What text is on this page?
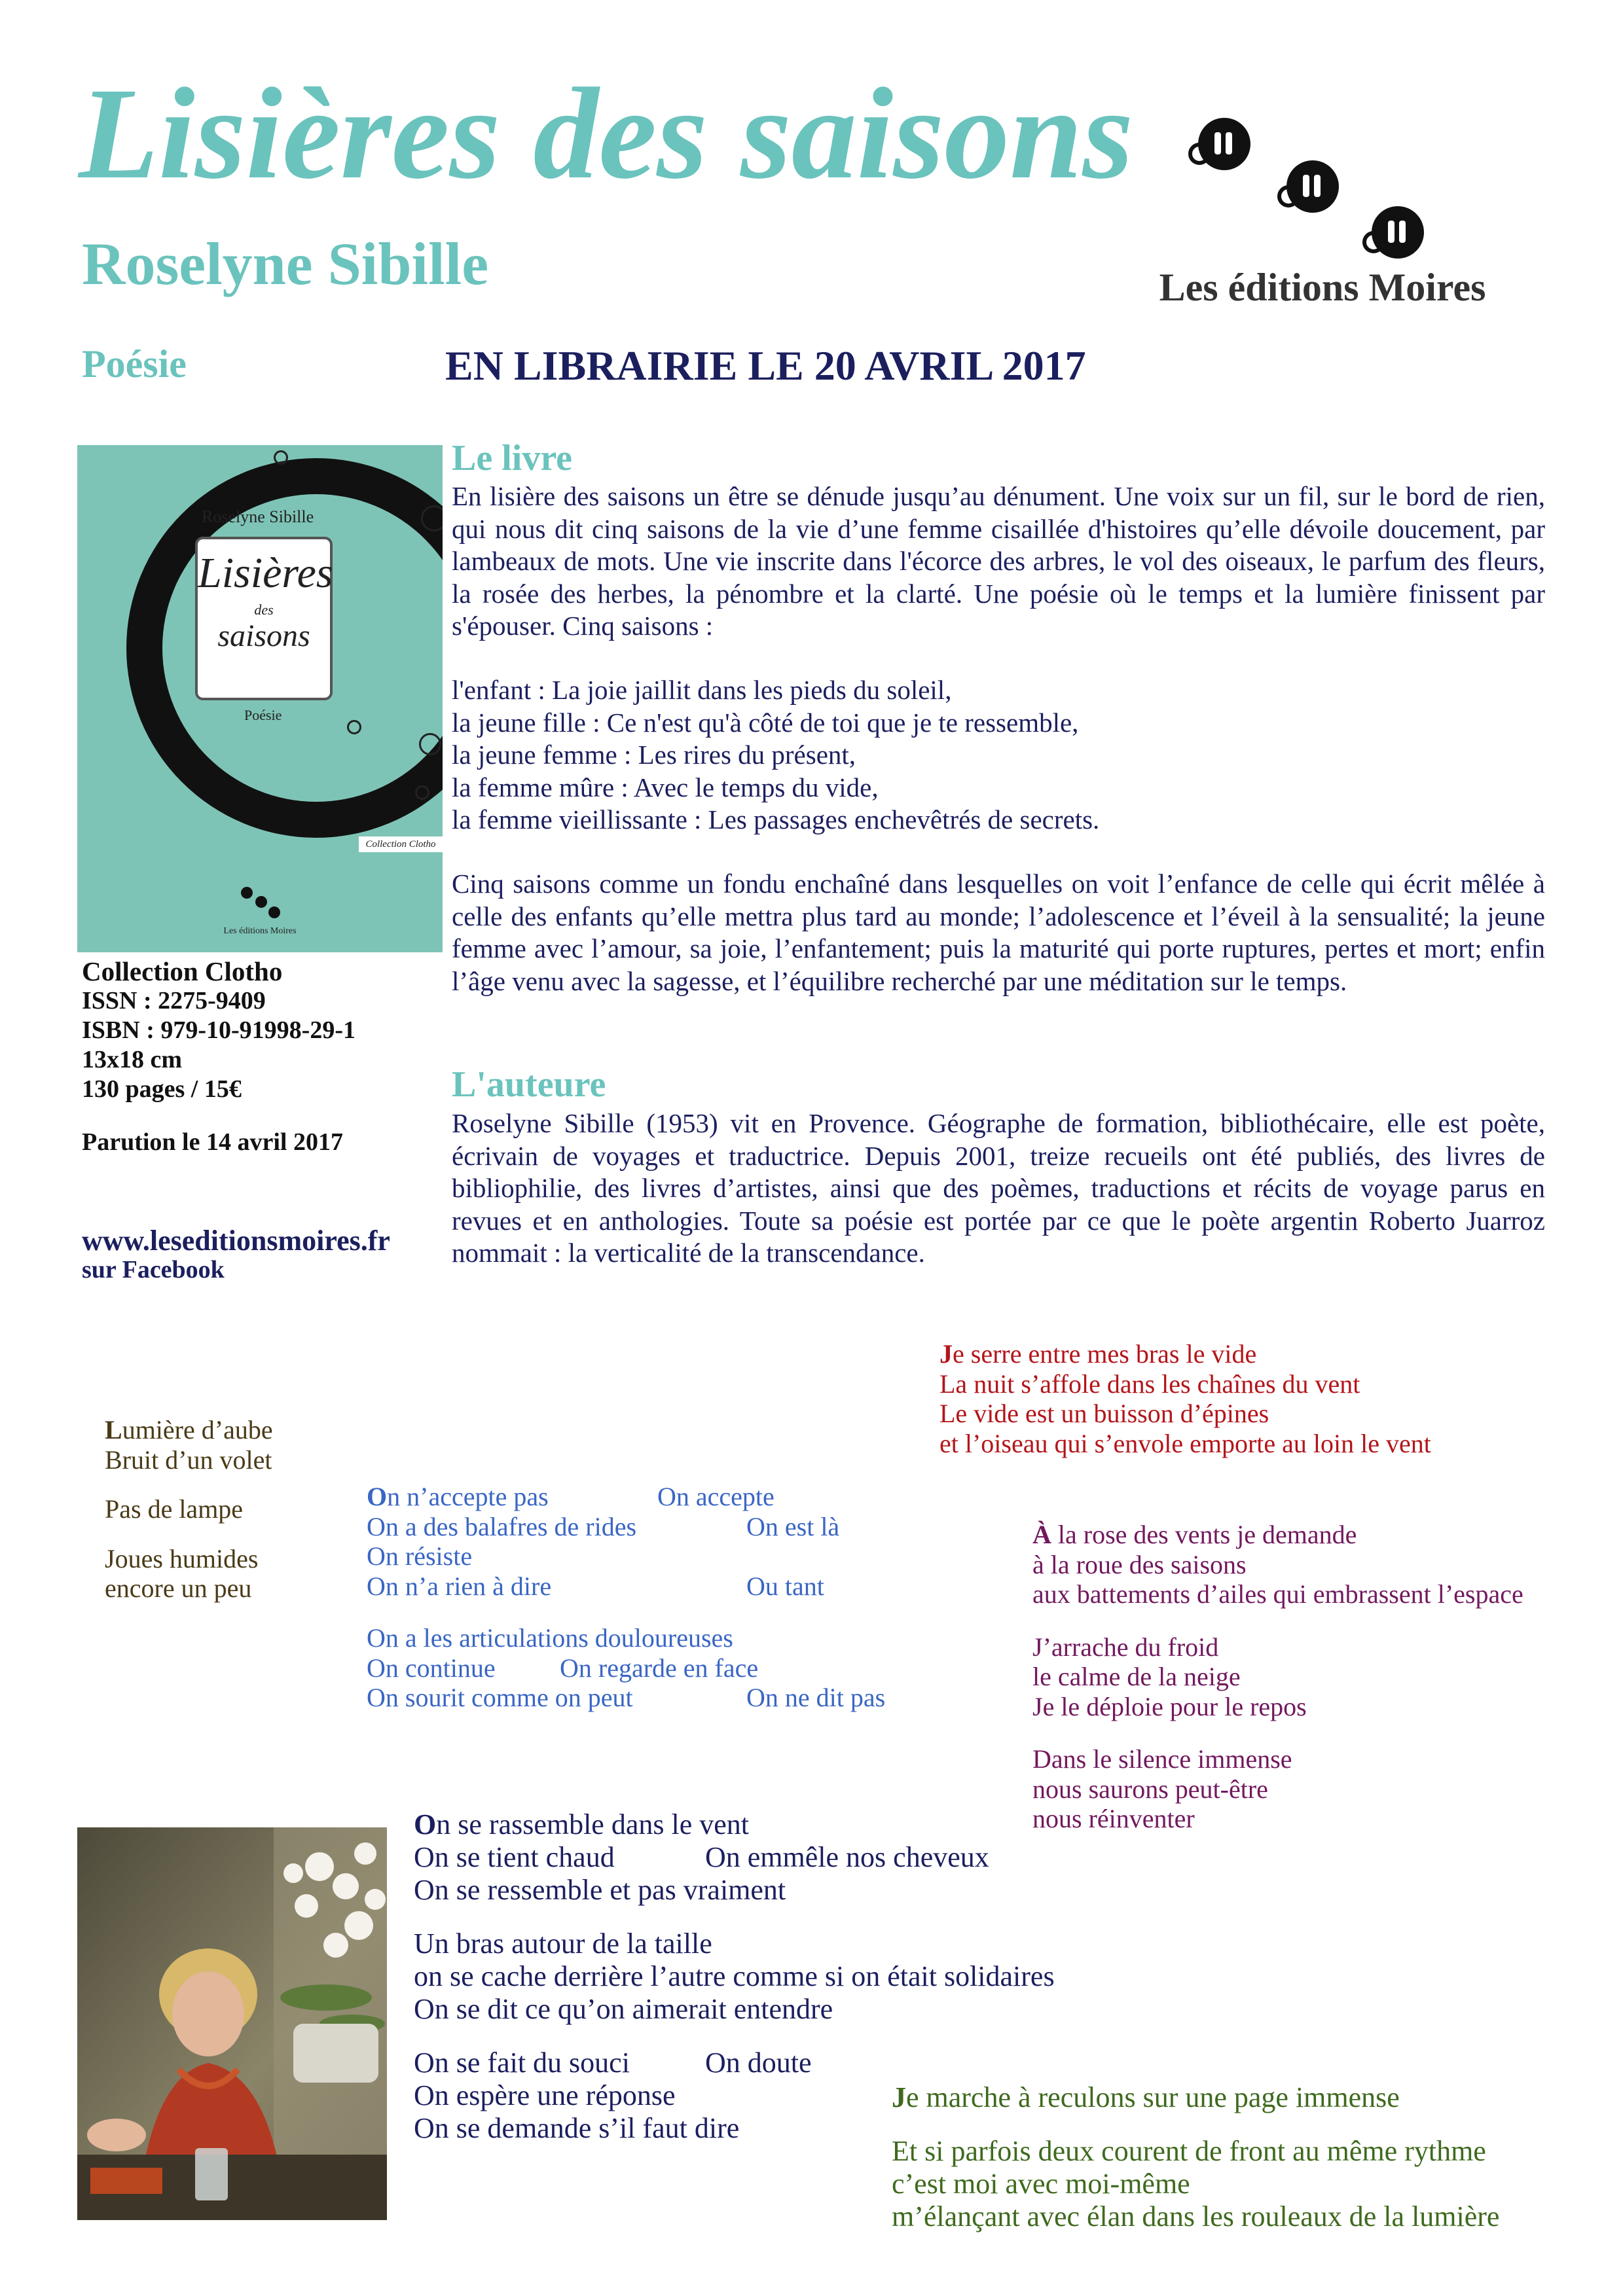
Lisières des saisons
Roselyne Sibille
Poésie	EN LIBRAIRIE LE 20 AVRIL 2017
Les éditions Moires
Roselyne Sibille
Lisières
des
saisons
Poésie
Collection Clotho
Les éditions Moires
Collection Clotho
ISSN : 2275-9409
ISBN : 979-10-91998-29-1
13x18 cm
130 pages / 15€
Parution le 14 avril 2017
www.leseditionsmoires.fr
sur Facebook
Le livre
En lisière des saisons un être se dénude jusqu’au dénument. Une voix sur un fil, sur le bord de rien, qui nous dit cinq saisons de la vie d’une femme cisaillée d'histoires qu’elle dévoile doucement, par lambeaux de mots. Une vie inscrite dans l'écorce des arbres, le vol des oiseaux, le parfum des fleurs, la rosée des herbes, la pénombre et la clarté. Une poésie où le temps et la lumière finissent par s'épouser. Cinq saisons :
l'enfant : La joie jaillit dans les pieds du soleil,
la jeune fille : Ce n'est qu'à côté de toi que je te ressemble,
la jeune femme : Les rires du présent,
la femme mûre : Avec le temps du vide,
la femme vieillissante : Les passages enchevêtrés de secrets.
Cinq saisons comme un fondu enchaîné dans lesquelles on voit l’enfance de celle qui écrit mêlée à celle des enfants qu’elle mettra plus tard au monde; l’adolescence et l’éveil à la sensualité; la jeune femme avec l’amour, sa joie, l’enfantement; puis la maturité qui porte ruptures, pertes et mort; enfin l’âge venu avec la sagesse, et l’équilibre recherché par une méditation sur le temps.
L'auteure
Roselyne Sibille (1953) vit en Provence. Géographe de formation, bibliothécaire, elle est poète, écrivain de voyages et traductrice. Depuis 2001, treize recueils ont été publiés, des livres de bibliophilie, des livres d’artistes, ainsi que des poèmes, traductions et récits de voyage parus en revues et en anthologies. Toute sa poésie est portée par ce que le poète argentin Roberto Juarroz nommait : la verticalité de la transcendance.
Lumière d’aube
Bruit d’un volet
Pas de lampe
Joues humides
encore un peu
On n’accepte pas	On accepte
On a des balafres de rides	On est là
On résiste
On n’a rien à dire	Ou tant
On a les articulations douloureuses
On continue	On regarde en face
On sourit comme on peut	On ne dit pas
Je serre entre mes bras le vide
La nuit s’affole dans les chaînes du vent
Le vide est un buisson d’épines
et l’oiseau qui s’envole emporte au loin le vent
À la rose des vents je demande
à la roue des saisons
aux battements d’ailes qui embrassent l’espace
J’arrache du froid
le calme de la neige
Je le déploie pour le repos
Dans le silence immense
nous saurons peut-être
nous réinventer
On se rassemble dans le vent
On se tient chaud	On emmêle nos cheveux
On se ressemble et pas vraiment
Un bras autour de la taille
on se cache derrière l’autre comme si on était solidaires
On se dit ce qu’on aimerait entendre
On se fait du souci	On doute
On espère une réponse
On se demande s’il faut dire
Je marche à reculons sur une page immense
Et si parfois deux courent de front au même rythme
c’est moi avec moi-même
m’élançant avec élan dans les rouleaux de la lumière
